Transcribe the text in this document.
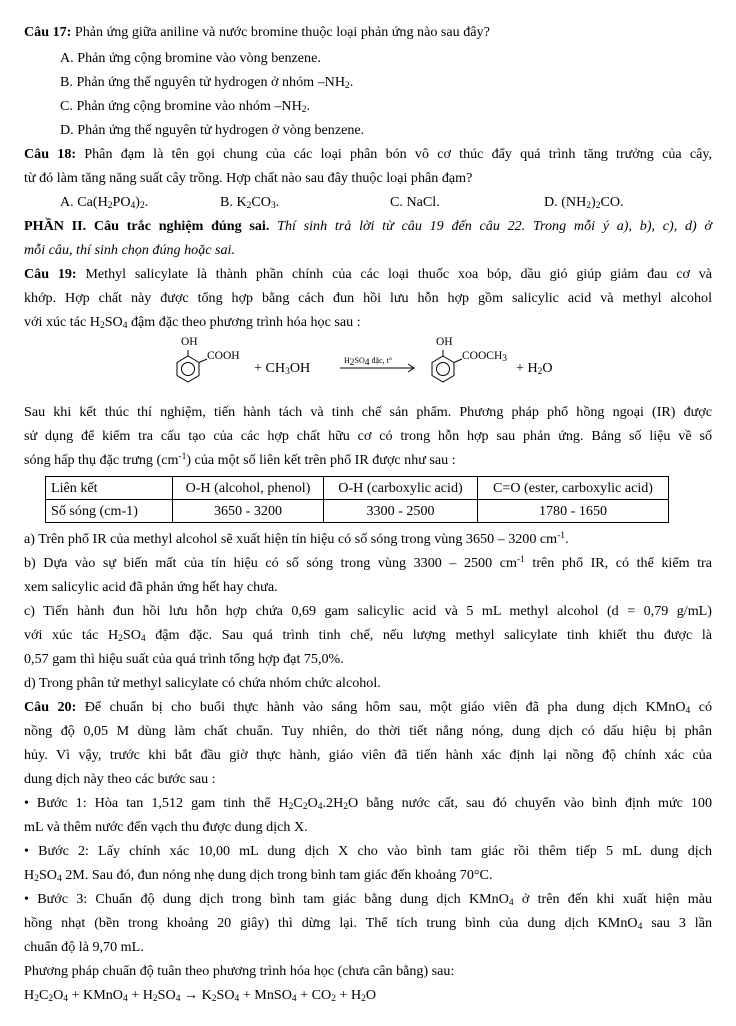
Câu 17: Phản ứng giữa aniline và nước bromine thuộc loại phản ứng nào sau đây?
A. Phản ứng cộng bromine vào vòng benzene.
B. Phản ứng thế nguyên tử hydrogen ở nhóm $-NH_2$.
C. Phản ứng cộng bromine vào nhóm $-NH_2$.
D. Phản ứng thế nguyên tử hydrogen ở vòng benzene.
Câu 18: Phân đạm là tên gọi chung của các loại phân bón vô cơ thúc đẩy quá trình tăng trưởng của cây,
từ đó làm tăng năng suất cây trồng. Hợp chất nào sau đây thuộc loại phân đạm?
A. $Ca(H_2PO_4)_2$.	B. $K_2CO_3$.	C. NaCl.	D. $(NH_2)_2CO$.
PHẦN II. Câu trắc nghiệm đúng sai. Thí sinh trả lời từ câu 19 đến câu 22. Trong mỗi ý a), b), c), d) ở
mỗi câu, thí sinh chọn đúng hoặc sai.
Câu 19: Methyl salicylate là thành phần chính của các loại thuốc xoa bóp, dầu gió giúp giảm đau cơ và
khớp. Hợp chất này được tổng hợp bằng cách đun hồi lưu hỗn hợp gồm salicylic acid và methyl alcohol
với xúc tác $H_2SO_4$ đậm đặc theo phương trình hóa học sau :
OH
COOH
+ $CH_3OH$	$H_2SO_4$ đặc, t°
OH
$COOCH_3$
+ $H_2O$
Sau khi kết thúc thí nghiệm, tiến hành tách và tinh chế sản phẩm. Phương pháp phổ hồng ngoại (IR) được
sử dụng để kiểm tra cấu tạo của các hợp chất hữu cơ có trong hỗn hợp sau phản ứng. Bảng số liệu về số
sóng hấp thụ đặc trưng $(cm^{-1})$ của một số liên kết trên phổ IR được như sau :
Liên kết	O-H (alcohol, phenol)	O-H (carboxylic acid)	C=O (ester, carboxylic acid)
Số sóng (cm-1)	3650 - 3200	3300 - 2500	1780 - 1650
a) Trên phổ IR của methyl alcohol sẽ xuất hiện tín hiệu có số sóng trong vùng 3650 – 3200 $cm^{-1}$.
b) Dựa vào sự biến mất của tín hiệu có số sóng trong vùng 3300 – 2500 $cm^{-1}$ trên phổ IR, có thể kiểm tra
xem salicylic acid đã phản ứng hết hay chưa.
c) Tiến hành đun hồi lưu hỗn hợp chứa 0,69 gam salicylic acid và 5 mL methyl alcohol (d = 0,79 g/mL)
với xúc tác $H_2SO_4$ đậm đặc. Sau quá trình tinh chế, nếu lượng methyl salicylate tinh khiết thu được là
0,57 gam thì hiệu suất của quá trình tổng hợp đạt 75,0%.
d) Trong phân tử methyl salicylate có chứa nhóm chức alcohol.
Câu 20: Để chuẩn bị cho buổi thực hành vào sáng hôm sau, một giáo viên đã pha dung dịch KMnO$_4$ có
nồng độ 0,05 M dùng làm chất chuẩn. Tuy nhiên, do thời tiết nắng nóng, dung dịch có dấu hiệu bị phân
hủy. Vì vậy, trước khi bắt đầu giờ thực hành, giáo viên đã tiến hành xác định lại nồng độ chính xác của
dung dịch này theo các bước sau :
• Bước 1: Hòa tan 1,512 gam tinh thể $H_2C_2O_4.2H_2O$ bằng nước cất, sau đó chuyển vào bình định mức 100
mL và thêm nước đến vạch thu được dung dịch X.
• Bước 2: Lấy chính xác 10,00 mL dung dịch X cho vào bình tam giác rồi thêm tiếp 5 mL dung dịch
$H_2SO_4$ 2M. Sau đó, đun nóng nhẹ dung dịch trong bình tam giác đến khoảng 70°C.
• Bước 3: Chuẩn độ dung dịch trong bình tam giác bằng dung dịch KMnO$_4$ ở trên đến khi xuất hiện màu
hồng nhạt (bền trong khoảng 20 giây) thì dừng lại. Thể tích trung bình của dung dịch KMnO$_4$ sau 3 lần
chuẩn độ là 9,70 mL.
Phương pháp chuẩn độ tuân theo phương trình hóa học (chưa cân bằng) sau:
$H_2C_2O_4$ + KMnO$_4$ + $H_2SO_4 \to K_2SO_4$ + MnSO$_4$ + $CO_2 + H_2O$
